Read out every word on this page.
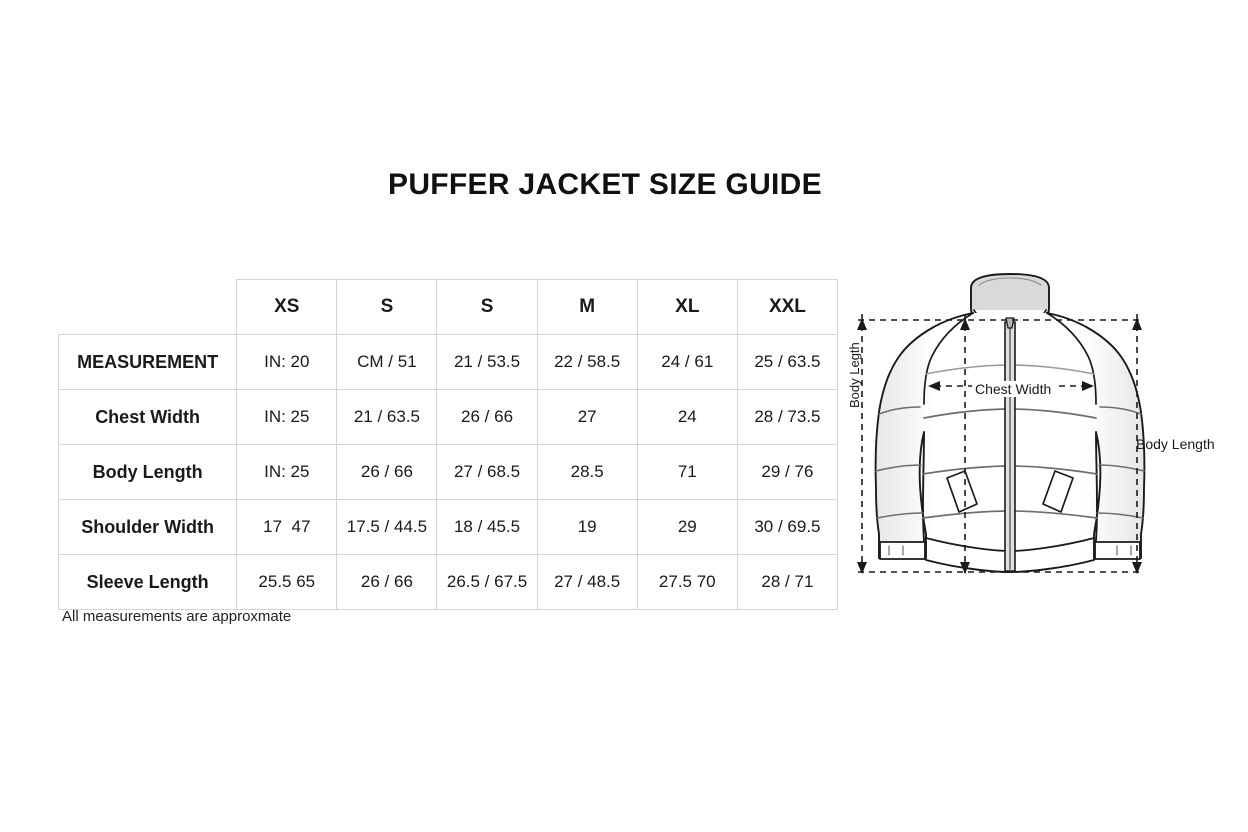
PUFFER JACKET SIZE GUIDE
	XS	S	S	M	XL	XXL
MEASUREMENT	IN: 20	CM / 51	21 / 53.5	22 / 58.5	24 / 61	25 / 63.5
Chest Width	IN: 25	21 / 63.5	26 / 66	27	24	28 / 73.5
Body Length	IN: 25	26 / 66	27 / 68.5	28.5	71	29 / 76
Shoulder Width	17  47	17.5 / 44.5	18 / 45.5	19	29	30 / 69.5
Sleeve Length	25.5 65	26 / 66	26.5 / 67.5	27 / 48.5	27.5 70	28 / 71
All measurements are approxmate
Chest Width
Body Legth
Body Length
